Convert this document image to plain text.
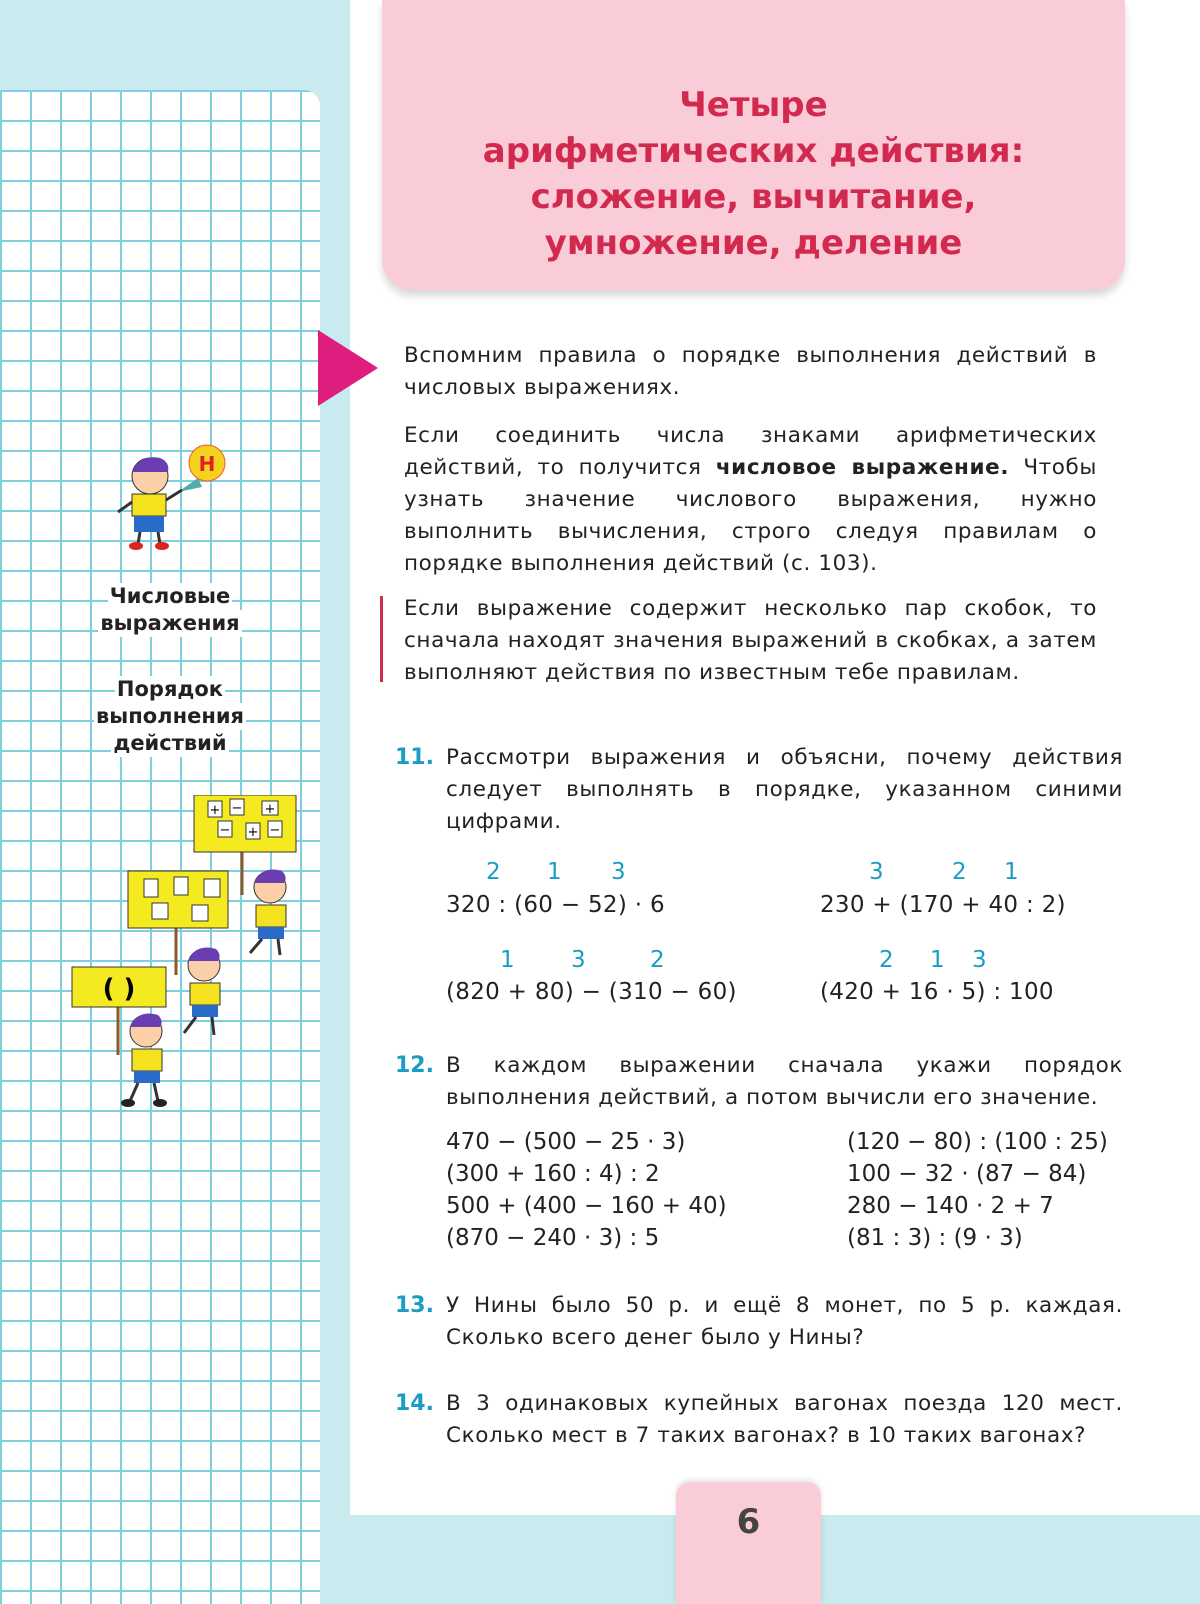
Н
Числовые
выражения
Порядок
выполнения
действий
+ − +
− + −
( )
Четыре
арифметических действия:
сложение, вычитание,
умножение, деление
Вспомним правила о порядке выполнения действий в числовых выражениях.
Если соединить числа знаками арифметических действий, то получится числовое выражение. Чтобы узнать значение числового выражения, нужно выполнить вычисления, строго следуя правилам о порядке выполнения действий (с. 103).
Если выражение содержит несколько пар скобок, то сначала находят значения выражений в скобках, а затем выполняют действия по известным тебе правилам.
11. Рассмотри выражения и объясни, почему действия следует выполнять в порядке, указанном синими цифрами.
2 1 3
320 : (60 − 52) · 6
3	2 1
230 + (170 + 40 : 2)
1 3	2
(820 + 80) − (310 − 60)
2 1 3
(420 + 16 · 5) : 100
12. В каждом выражении сначала укажи порядок выполнения действий, а потом вычисли его значение.
470 − (500 − 25 · 3)
(300 + 160 : 4) : 2
500 + (400 − 160 + 40)
(870 − 240 · 3) : 5
(120 − 80) : (100 : 25)
100 − 32 · (87 − 84)
280 − 140 · 2 + 7
(81 : 3) : (9 · 3)
13. У Нины было 50 р. и ещё 8 монет, по 5 р. каждая. Сколько всего денег было у Нины?
14. В 3 одинаковых купейных вагонах поезда 120 мест. Сколько мест в 7 таких вагонах? в 10 таких вагонах?
6
